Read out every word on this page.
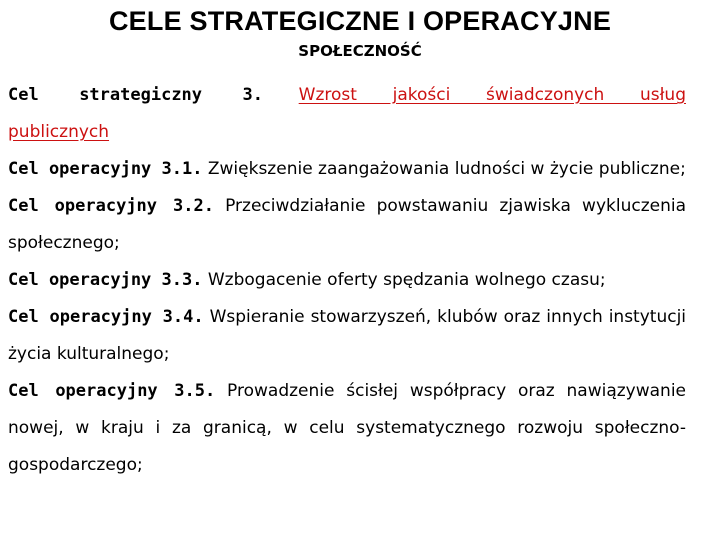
CELE STRATEGICZNE I OPERACYJNE
SPOŁECZNOŚĆ
Cel strategiczny 3. Wzrost jakości świadczonych usług publicznych
Cel operacyjny 3.1. Zwiększenie zaangażowania ludności w życie publiczne;
Cel operacyjny 3.2. Przeciwdziałanie powstawaniu zjawiska wykluczenia społecznego;
Cel operacyjny 3.3. Wzbogacenie oferty spędzania wolnego czasu;
Cel operacyjny 3.4. Wspieranie stowarzyszeń, klubów oraz innych instytucji życia kulturalnego;
Cel operacyjny 3.5. Prowadzenie ścisłej współpracy oraz nawiązywanie nowej, w kraju i za granicą, w celu systematycznego rozwoju społeczno-gospodarczego;
